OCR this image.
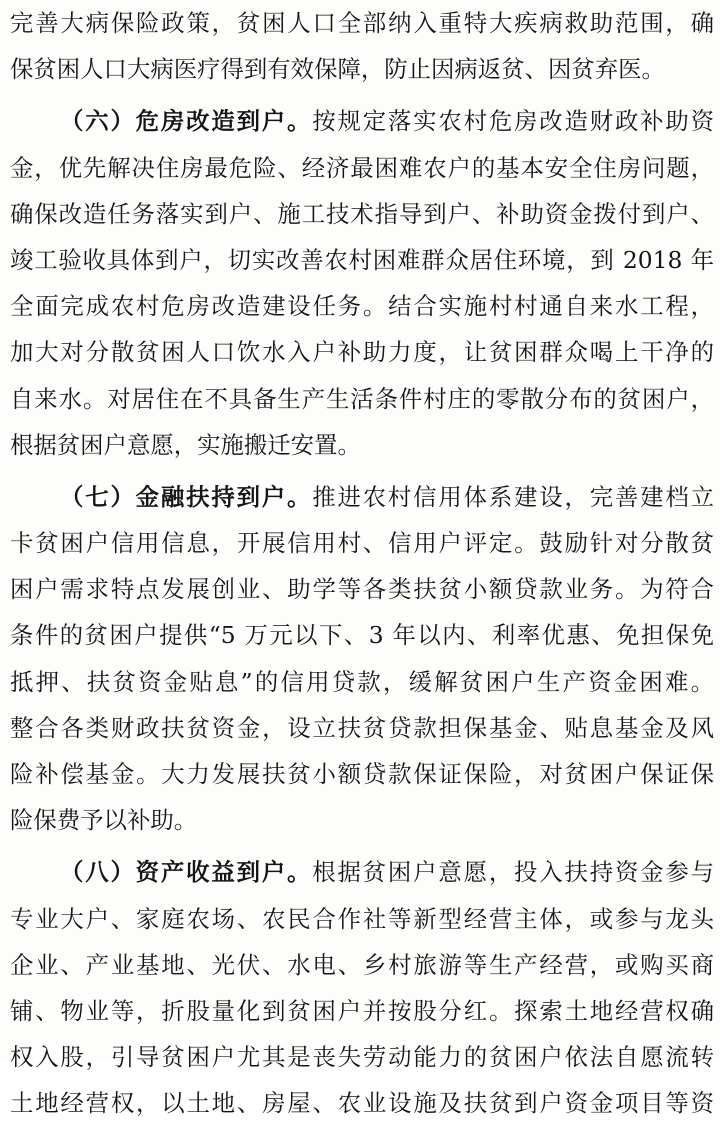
完善大病保险政策，贫困人口全部纳入重特大疾病救助范围，确
保贫困人口大病医疗得到有效保障，防止因病返贫、因贫弃医。
（六）危房改造到户。按规定落实农村危房改造财政补助资
金，优先解决住房最危险、经济最困难农户的基本安全住房问题，
确保改造任务落实到户、施工技术指导到户、补助资金拨付到户、
竣工验收具体到户，切实改善农村困难群众居住环境，到 2018 年
全面完成农村危房改造建设任务。结合实施村村通自来水工程，
加大对分散贫困人口饮水入户补助力度，让贫困群众喝上干净的
自来水。对居住在不具备生产生活条件村庄的零散分布的贫困户，
根据贫困户意愿，实施搬迁安置。
（七）金融扶持到户。推进农村信用体系建设，完善建档立
卡贫困户信用信息，开展信用村、信用户评定。鼓励针对分散贫
困户需求特点发展创业、助学等各类扶贫小额贷款业务。为符合
条件的贫困户提供“5 万元以下、3 年以内、利率优惠、免担保免
抵押、扶贫资金贴息”的信用贷款，缓解贫困户生产资金困难。
整合各类财政扶贫资金，设立扶贫贷款担保基金、贴息基金及风
险补偿基金。大力发展扶贫小额贷款保证保险，对贫困户保证保
险保费予以补助。
（八）资产收益到户。根据贫困户意愿，投入扶持资金参与
专业大户、家庭农场、农民合作社等新型经营主体，或参与龙头
企业、产业基地、光伏、水电、乡村旅游等生产经营，或购买商
铺、物业等，折股量化到贫困户并按股分红。探索土地经营权确
权入股，引导贫困户尤其是丧失劳动能力的贫困户依法自愿流转
土地经营权，以土地、房屋、农业设施及扶贫到户资金项目等资
